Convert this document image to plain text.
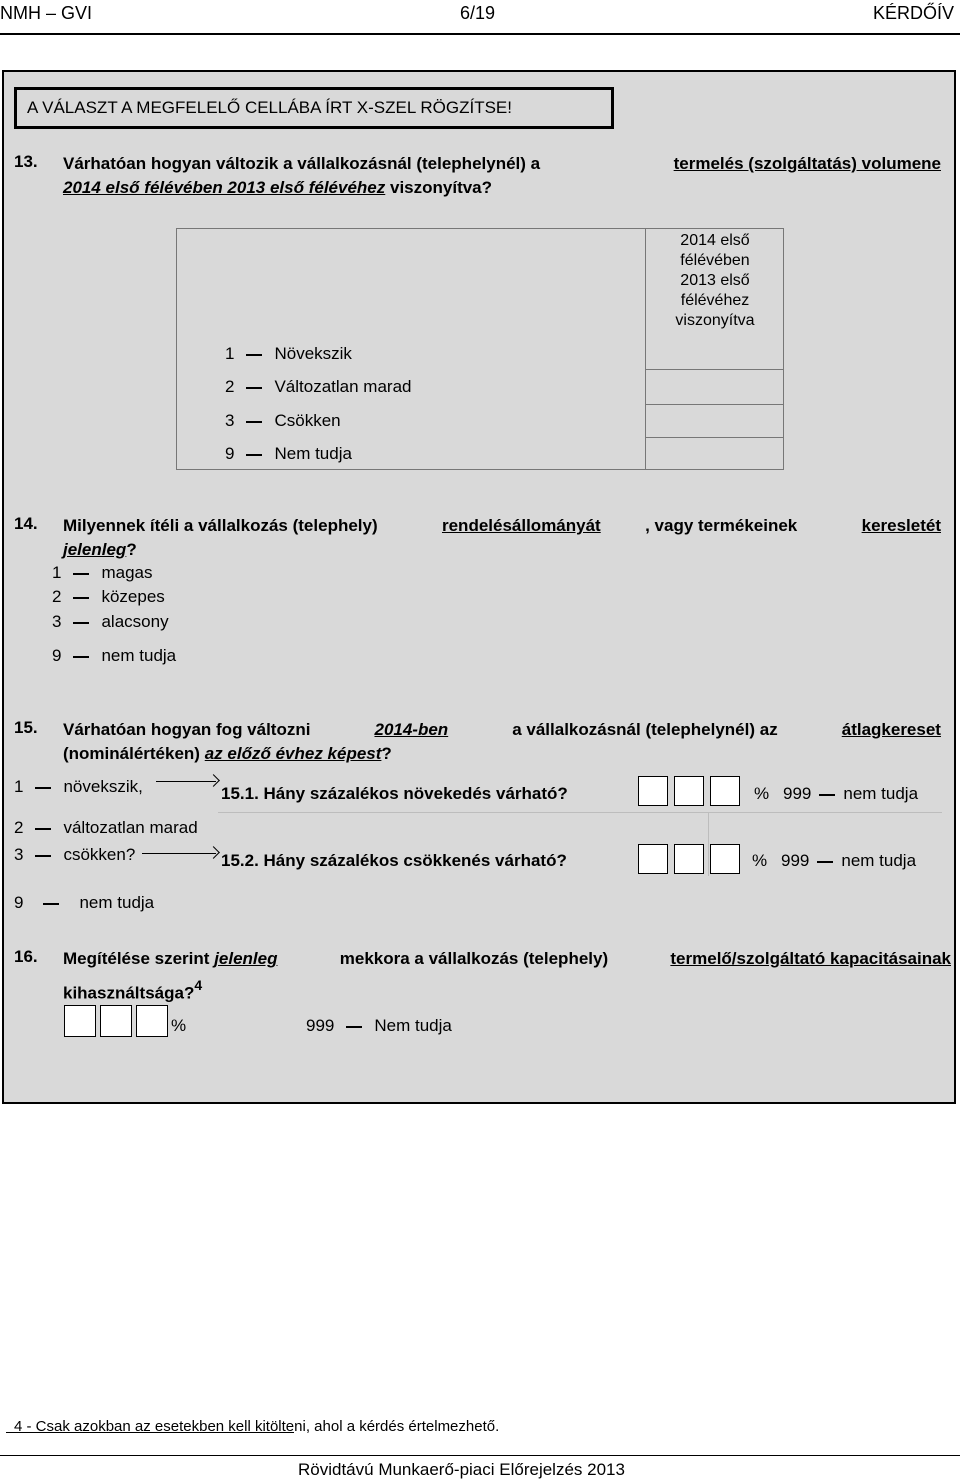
NMH – GVI	6/19	KÉRDŐÍV
A VÁLASZT A MEGFELELŐ CELLÁBA ÍRT X-SZEL RÖGZÍTSE!
13. Várhatóan hogyan változik a vállalkozásnál (telephelynél) a	termelés (szolgáltatás) volumene
2014 első félévében 2013 első félévéhez viszonyítva?
2014 első
félévében
2013 első
félévéhez
viszonyítva
1 Növekszik
2 Változatlan marad
3 Csökken
9 Nem tudja
14. Milyennek ítéli a vállalkozás (telephely)	rendelésállományát	, vagy termékeinek	keresletét
jelenleg?
1 magas
2 közepes
3 alacsony
9 nem tudja
15. Várhatóan hogyan fog változni	2014-ben	a vállalkozásnál (telephelynél) az	átlagkereset
(nominálértéken) az előző évhez képest?
1 növekszik,
2 változatlan marad
3 csökken?
9	nem tudja
15.1. Hány százalékos növekedés várható?	% 999 nem tudja
15.2. Hány százalékos csökkenés várható?	% 999 nem tudja
16. Megítélése szerint jelenleg	mekkora a vállalkozás (telephely)	termelő/szolgáltató kapacitásainak
kihasználtsága?$^4$
%	999 Nem tudja
4 - Csak azokban az esetekben kell kitölteni, ahol a kérdés értelmezhető.
Rövidtávú Munkaerő-piaci Előrejelzés 2013
